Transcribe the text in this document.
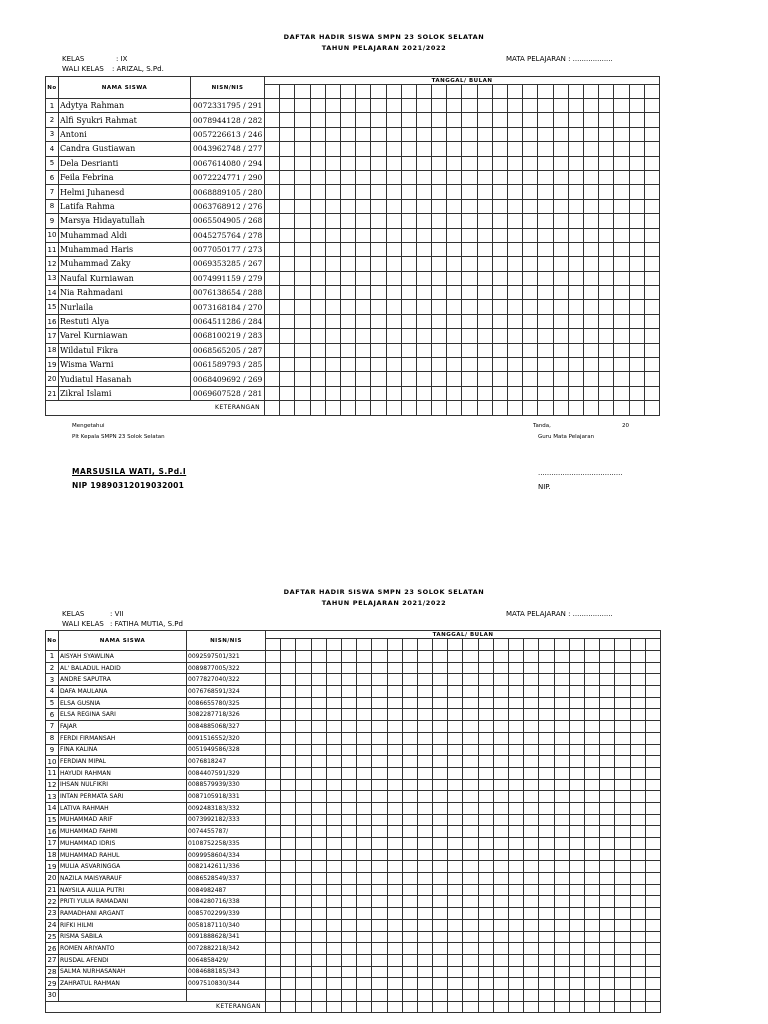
DAFTAR HADIR SISWA SMPN 23 SOLOK SELATAN
TAHUN PELAJARAN 2021/2022
KELAS	: IX
WALI KELAS : ARIZAL, S.Pd.
MATA PELAJARAN : ..................
No	NAMA SISWA	NISN/NIS	TANGGAL/ BULAN																									

1	Adytya Rahman	0072331795 / 291																										
2	Alfi Syukri Rahmat	0078944128 / 282																										
3	Antoni	0057226613 / 246																										
4	Candra Gustiawan	0043962748 / 277																										
5	Dela Desrianti	0067614080 / 294																										
6	Feila Febrina	0072224771 / 290																										
7	Helmi Juhanesd	0068889105 / 280																										
8	Latifa Rahma	0063768912 / 276																										
9	Marsya Hidayatullah	0065504905 / 268																										
10	Muhammad Aldi	0045275764 / 278																										
11	Muhammad Haris	0077050177 / 273																										
12	Muhammad Zaky	0069353285 / 267																										
13	Naufal Kurniawan	0074991159 / 279																										
14	Nia Rahmadani	0076138654 / 288																										
15	Nurlaila	0073168184 / 270																										
16	Restuti Alya	0064511286 / 284																										
17	Varel Kurniawan	0068100219 / 283																										
18	Wildatul Fikra	0068565205 / 287																										
19	Wisma Warni	0061589793 / 285																										
20	Yudiatul Hasanah	0068409692 / 269																										
21	Zikral Islami	0069607528 / 281																										
KETERANGAN																												
Mengetahui
Plt Kepala SMPN 23 Solok Selatan
Tanda,	20
Guru Mata Pelajaran
MARSUSILA WATI, S.Pd.I
NIP 19890312019032001
......................................
NIP.
DAFTAR HADIR SISWA SMPN 23 SOLOK SELATAN
TAHUN PELAJARAN 2021/2022
KELAS	: VII
WALI KELAS : FATIHA MUTIA, S.Pd
MATA PELAJARAN : ..................
No	NAMA SISWA	NISN/NIS	TANGGAL/ BULAN																									

1	AISYAH SYAWLINA	0092597501/321																										
2	AL' BALADUL HADID	0089877005/322																										
3	ANDRE SAPUTRA	0077827040/322																										
4	DAFA MAULANA	0076768591/324																										
5	ELSA GUSNIA	0086655780/325																										
6	ELSA REGINA SARI	3082287718/326																										
7	FAJAR	0084885068/327																										
8	FERDI FIRMANSAH	0091516552/320																										
9	FINA KALINA	0051949586/328																										
10	FERDIAN MIPAL	0076818247																										
11	HAYUDI RAHMAN	0084407591/329																										
12	IHSAN NULFIKRI	0088579939/330																										
13	INTAN PERMATA SARI	0087105918/331																										
14	LATIVA RAHMAH	0092483183/332																										
15	MUHAMMAD ARIF	0073992182/333																										
16	MUHAMMAD FAHMI	0074455787/																										
17	MUHAMMAD IDRIS	0108752258/335																										
18	MUHAMMAD RAHUL	0099958604/334																										
19	MULIA ASVARINGGA	0082142611/336																										
20	NAZILA MAISYARAUF	0086528549/337																										
21	NAYSILA AULIA PUTRI	0084982487																										
22	PRITI YULIA RAMADANI	0084280716/338																										
23	RAMADHANI ARGANT	0085702299/339																										
24	RIFKI HILMI	0058187110/340																										
25	RISMA SABILA	0091888628/341																										
26	ROMEN ARIYANTO	0072882218/342																										
27	RUSDAL AFENDI	0064858429/																										
28	SALMA NURHASANAH	0084688185/343																										
29	ZAHRATUL RAHMAN	0097510830/344																										
30																												
KETERANGAN																												
